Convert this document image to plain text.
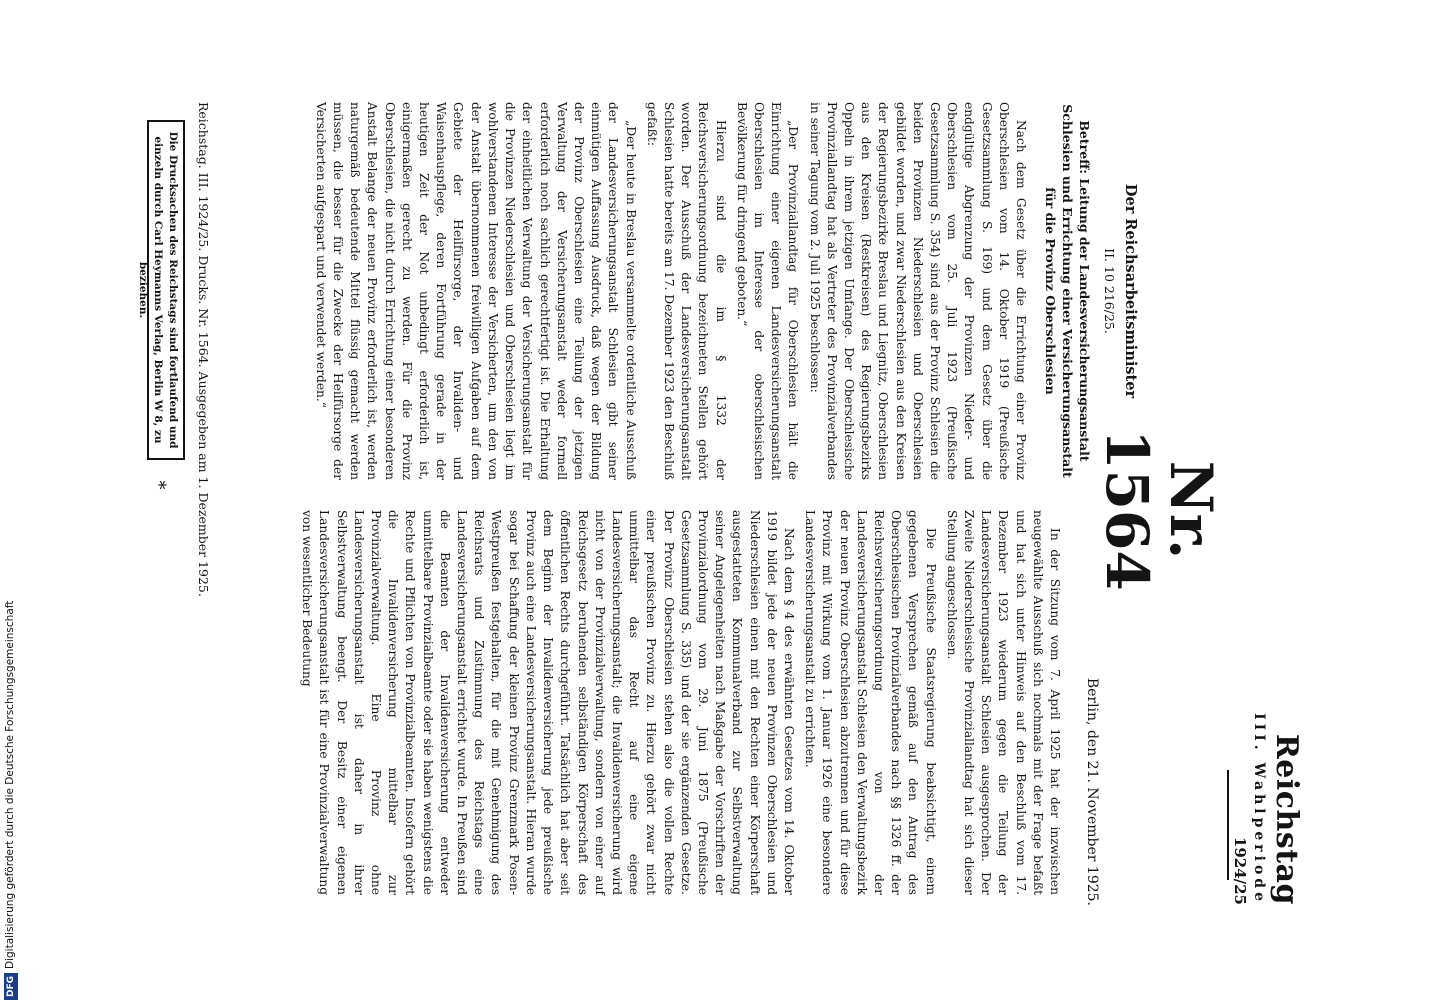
Reichstag
III. Wahlperiode
1924/25
Nr. 1564
Berlin, den 21. November 1925.
Der Reichsarbeitsminister
II. 10 216/25.
Betreff: Leitung der Landesversicherungsanstalt Schlesien und Errichtung einer Versicherungsanstalt für die Provinz Oberschlesien

Nach dem Gesetz über die Errichtung einer Provinz Oberschlesien vom 14. Oktober 1919 (Preußische Gesetzsammlung S. 169) und dem Gesetz über die endgültige Abgrenzung der Provinzen Nieder- und Oberschlesien vom 25. Juli 1923 (Preußische Gesetzsammlung S. 354) sind aus der Provinz Schlesien die beiden Provinzen Niederschlesien und Oberschlesien gebildet worden, und zwar Niederschlesien aus den Kreisen der Regierungsbezirke Breslau und Liegnitz, Oberschlesien aus den Kreisen (Restkreisen) des Regierungsbezirks Oppeln in ihrem jetzigen Umfange. Der Oberschlesische Provinziallandtag hat als Vertreter des Provinzialverbandes in seiner Tagung vom 2. Juli 1925 beschlossen:

„Der Provinziallandtag für Oberschlesien hält die Einrichtung einer eigenen Landesversicherungsanstalt Oberschlesien im Interesse der oberschlesischen Bevölkerung für dringend geboten.“

Hierzu sind die im § 1332 der Reichsversicherungsordnung bezeichneten Stellen gehört worden. Der Ausschuß der Landesversicherungsanstalt Schlesien hatte bereits am 17. Dezember 1923 den Beschluß gefaßt:

„Der heute in Breslau versammelte ordentliche Ausschuß der Landesversicherungsanstalt Schlesien gibt seiner einmütigen Auffassung Ausdruck, daß wegen der Bildung der Provinz Oberschlesien eine Teilung der jetzigen Verwaltung der Versicherungsanstalt weder formell erforderlich noch sachlich gerechtfertigt ist. Die Erhaltung der einheitlichen Verwaltung der Versicherungsanstalt für die Provinzen Niederschlesien und Oberschlesien liegt im wohlverstandenen Interesse der Versicherten, um den von der Anstalt übernommenen freiwilligen Aufgaben auf dem Gebiete der Heilfürsorge, der Invaliden- und Waisenhauspflege, deren Fortführung gerade in der heutigen Zeit der Not unbedingt erforderlich ist, einigermaßen gerecht zu werden. Für die Provinz Oberschlesien, die nicht durch Errichtung einer besonderen Anstalt Belange der neuen Provinz erforderlich ist, werden naturgemäß bedeutende Mittel flüssig gemacht werden müssen, die besser für die Zwecke der Heilfürsorge der Versicherten aufgespart und verwendet werden.“

In der Sitzung vom 7. April 1925 hat der inzwischen neugewählte Ausschuß sich nochmals mit der Frage befaßt und hat sich unter Hinweis auf den Beschluß vom 17. Dezember 1923 wiederum gegen die Teilung der Landesversicherungsanstalt Schlesien ausgesprochen. Der Zweite Niederschlesische Provinziallandtag hat sich dieser Stellung angeschlossen.

Die Preußische Staatsregierung beabsichtigt, einem gegebenen Versprechen gemäß auf den Antrag des Oberschlesischen Provinzialverbandes nach §§ 1326 ff. der Reichsversicherungsordnung von der Landesversicherungsanstalt Schlesien den Verwaltungsbezirk der neuen Provinz Oberschlesien abzutrennen und für diese Provinz mit Wirkung vom 1. Januar 1926 eine besondere Landesversicherungsanstalt zu errichten.

Nach dem § 4 des erwähnten Gesetzes vom 14. Oktober 1919 bildet jede der neuen Provinzen Oberschlesien und Niederschlesien einen mit den Rechten einer Körperschaft ausgestatteten Kommunalverband zur Selbstverwaltung seiner Angelegenheiten nach Maßgabe der Vorschriften der Provinzialordnung vom 29. Juni 1875 (Preußische Gesetzsammlung S. 335) und der sie ergänzenden Gesetze. Der Provinz Oberschlesien stehen also die vollen Rechte einer preußischen Provinz zu. Hierzu gehört zwar nicht unmittelbar das Recht auf eine eigene Landesversicherungsanstalt; die Invalidenversicherung wird nicht von der Provinzialverwaltung, sondern von einer auf Reichsgesetz beruhenden selbständigen Körperschaft des öffentlichen Rechts durchgeführt. Tatsächlich hat aber seit dem Beginn der Invalidenversicherung jede preußische Provinz auch eine Landesversicherungsanstalt. Hieran wurde sogar bei Schaffung der kleinen Provinz Grenzmark Posen-Westpreußen festgehalten, für die mit Genehmigung des Reichsrats und Zustimmung des Reichstags eine Landesversicherungsanstalt errichtet wurde. In Preußen sind die Beamten der Invalidenversicherung entweder unmittelbare Provinzialbeamte oder sie haben wenigstens die Rechte und Pflichten von Provinzialbeamten. Insofern gehört die Invalidenversicherung mittelbar zur Provinzialverwaltung. Eine Provinz ohne Landesversicherungsanstalt ist daher in ihrer Selbstverwaltung beengt. Der Besitz einer eigenen Landesversicherungsanstalt ist für eine Provinzialverwaltung von wesentlicher Bedeutung

Reichstag. III. 1924/25. Drucks. Nr. 1564. Ausgegeben am 1. Dezember 1925.
Die Drucksachen des Reichstags sind fortlaufend und einzeln durch Carl Heymanns Verlag, Berlin W 8, zu beziehen.
*
DFGDigitalisierung gefördert durch die Deutsche Forschungsgemeinschaft
